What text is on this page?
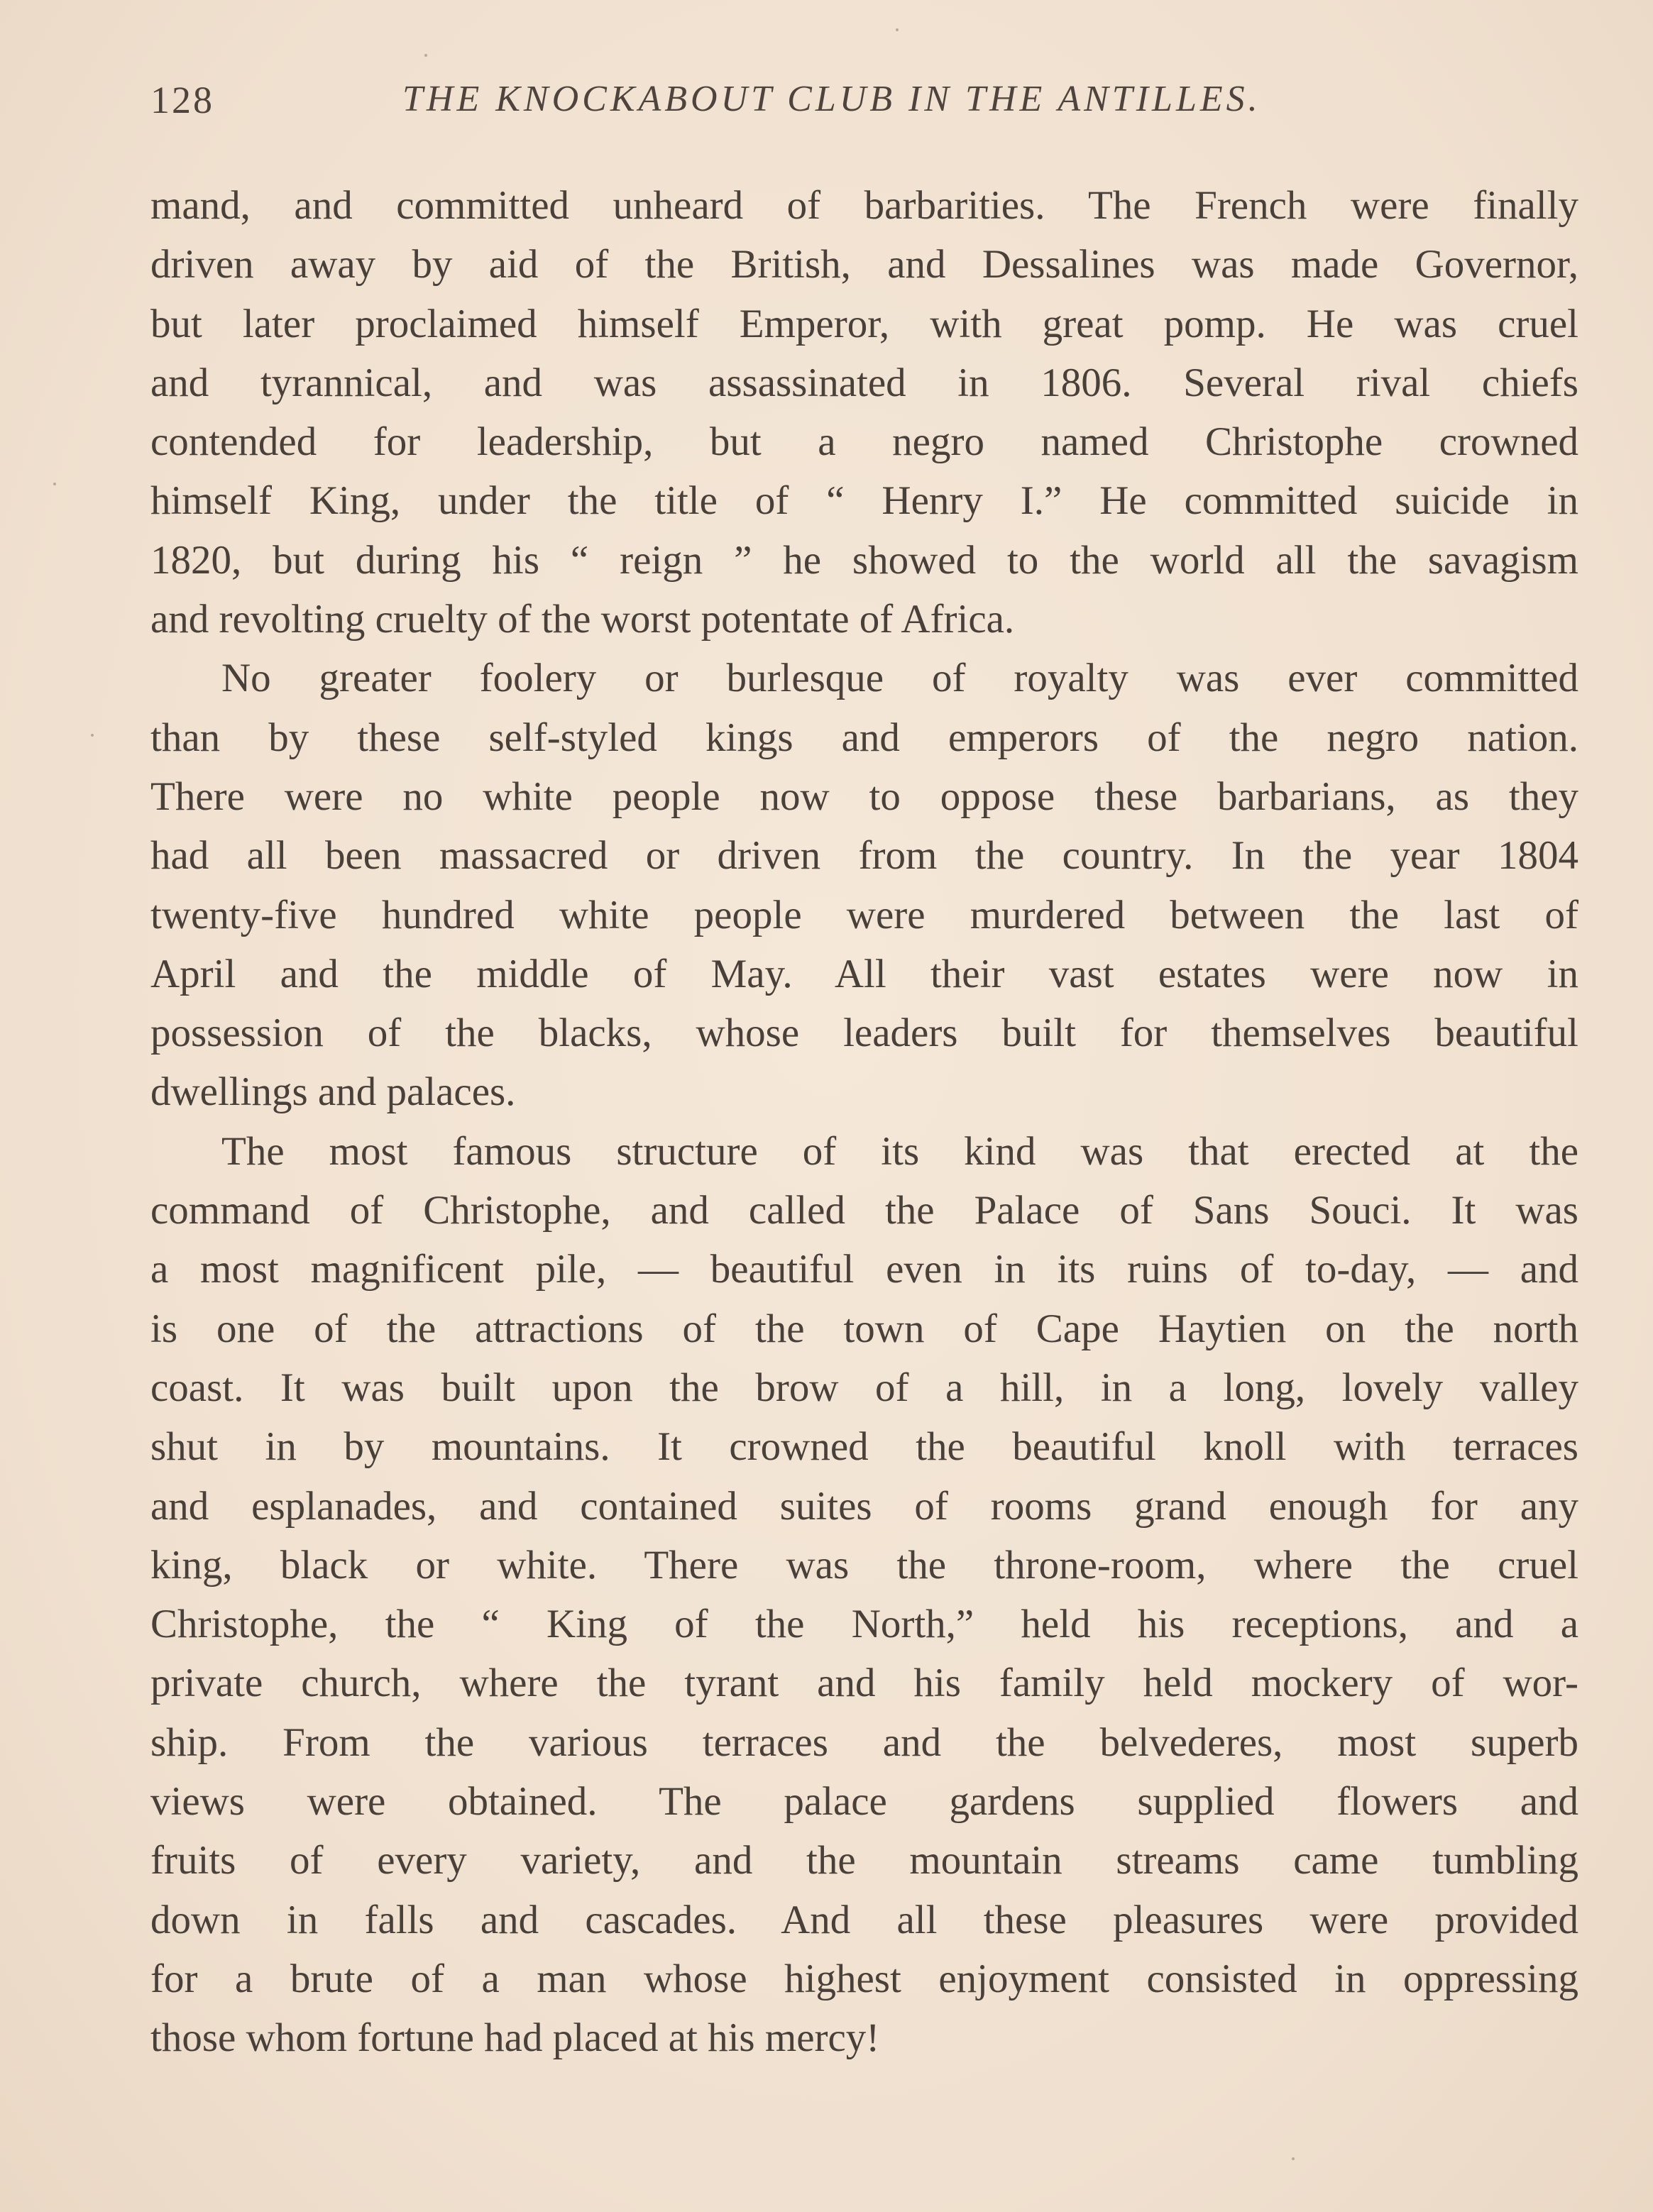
128	THE KNOCKABOUT CLUB IN THE ANTILLES.

mand, and committed unheard of barbarities. The French were finally
driven away by aid of the British, and Dessalines was made Governor,
but later proclaimed himself Emperor, with great pomp. He was cruel
and tyrannical, and was assassinated in 1806. Several rival chiefs
contended for leadership, but a negro named Christophe crowned
himself King, under the title of “ Henry I.” He committed suicide in
1820, but during his “ reign ” he showed to the world all the savagism
and revolting cruelty of the worst potentate of Africa.

No greater foolery or burlesque of royalty was ever committed
than by these self-styled kings and emperors of the negro nation.
There were no white people now to oppose these barbarians, as they
had all been massacred or driven from the country. In the year 1804
twenty-five hundred white people were murdered between the last of
April and the middle of May. All their vast estates were now in
possession of the blacks, whose leaders built for themselves beautiful
dwellings and palaces.

The most famous structure of its kind was that erected at the
command of Christophe, and called the Palace of Sans Souci. It was
a most magnificent pile, — beautiful even in its ruins of to-day, — and
is one of the attractions of the town of Cape Haytien on the north
coast. It was built upon the brow of a hill, in a long, lovely valley
shut in by mountains. It crowned the beautiful knoll with terraces
and esplanades, and contained suites of rooms grand enough for any
king, black or white. There was the throne-room, where the cruel
Christophe, the “ King of the North,” held his receptions, and a
private church, where the tyrant and his family held mockery of wor-
ship. From the various terraces and the belvederes, most superb
views were obtained. The palace gardens supplied flowers and
fruits of every variety, and the mountain streams came tumbling
down in falls and cascades. And all these pleasures were provided
for a brute of a man whose highest enjoyment consisted in oppressing
those whom fortune had placed at his mercy!
